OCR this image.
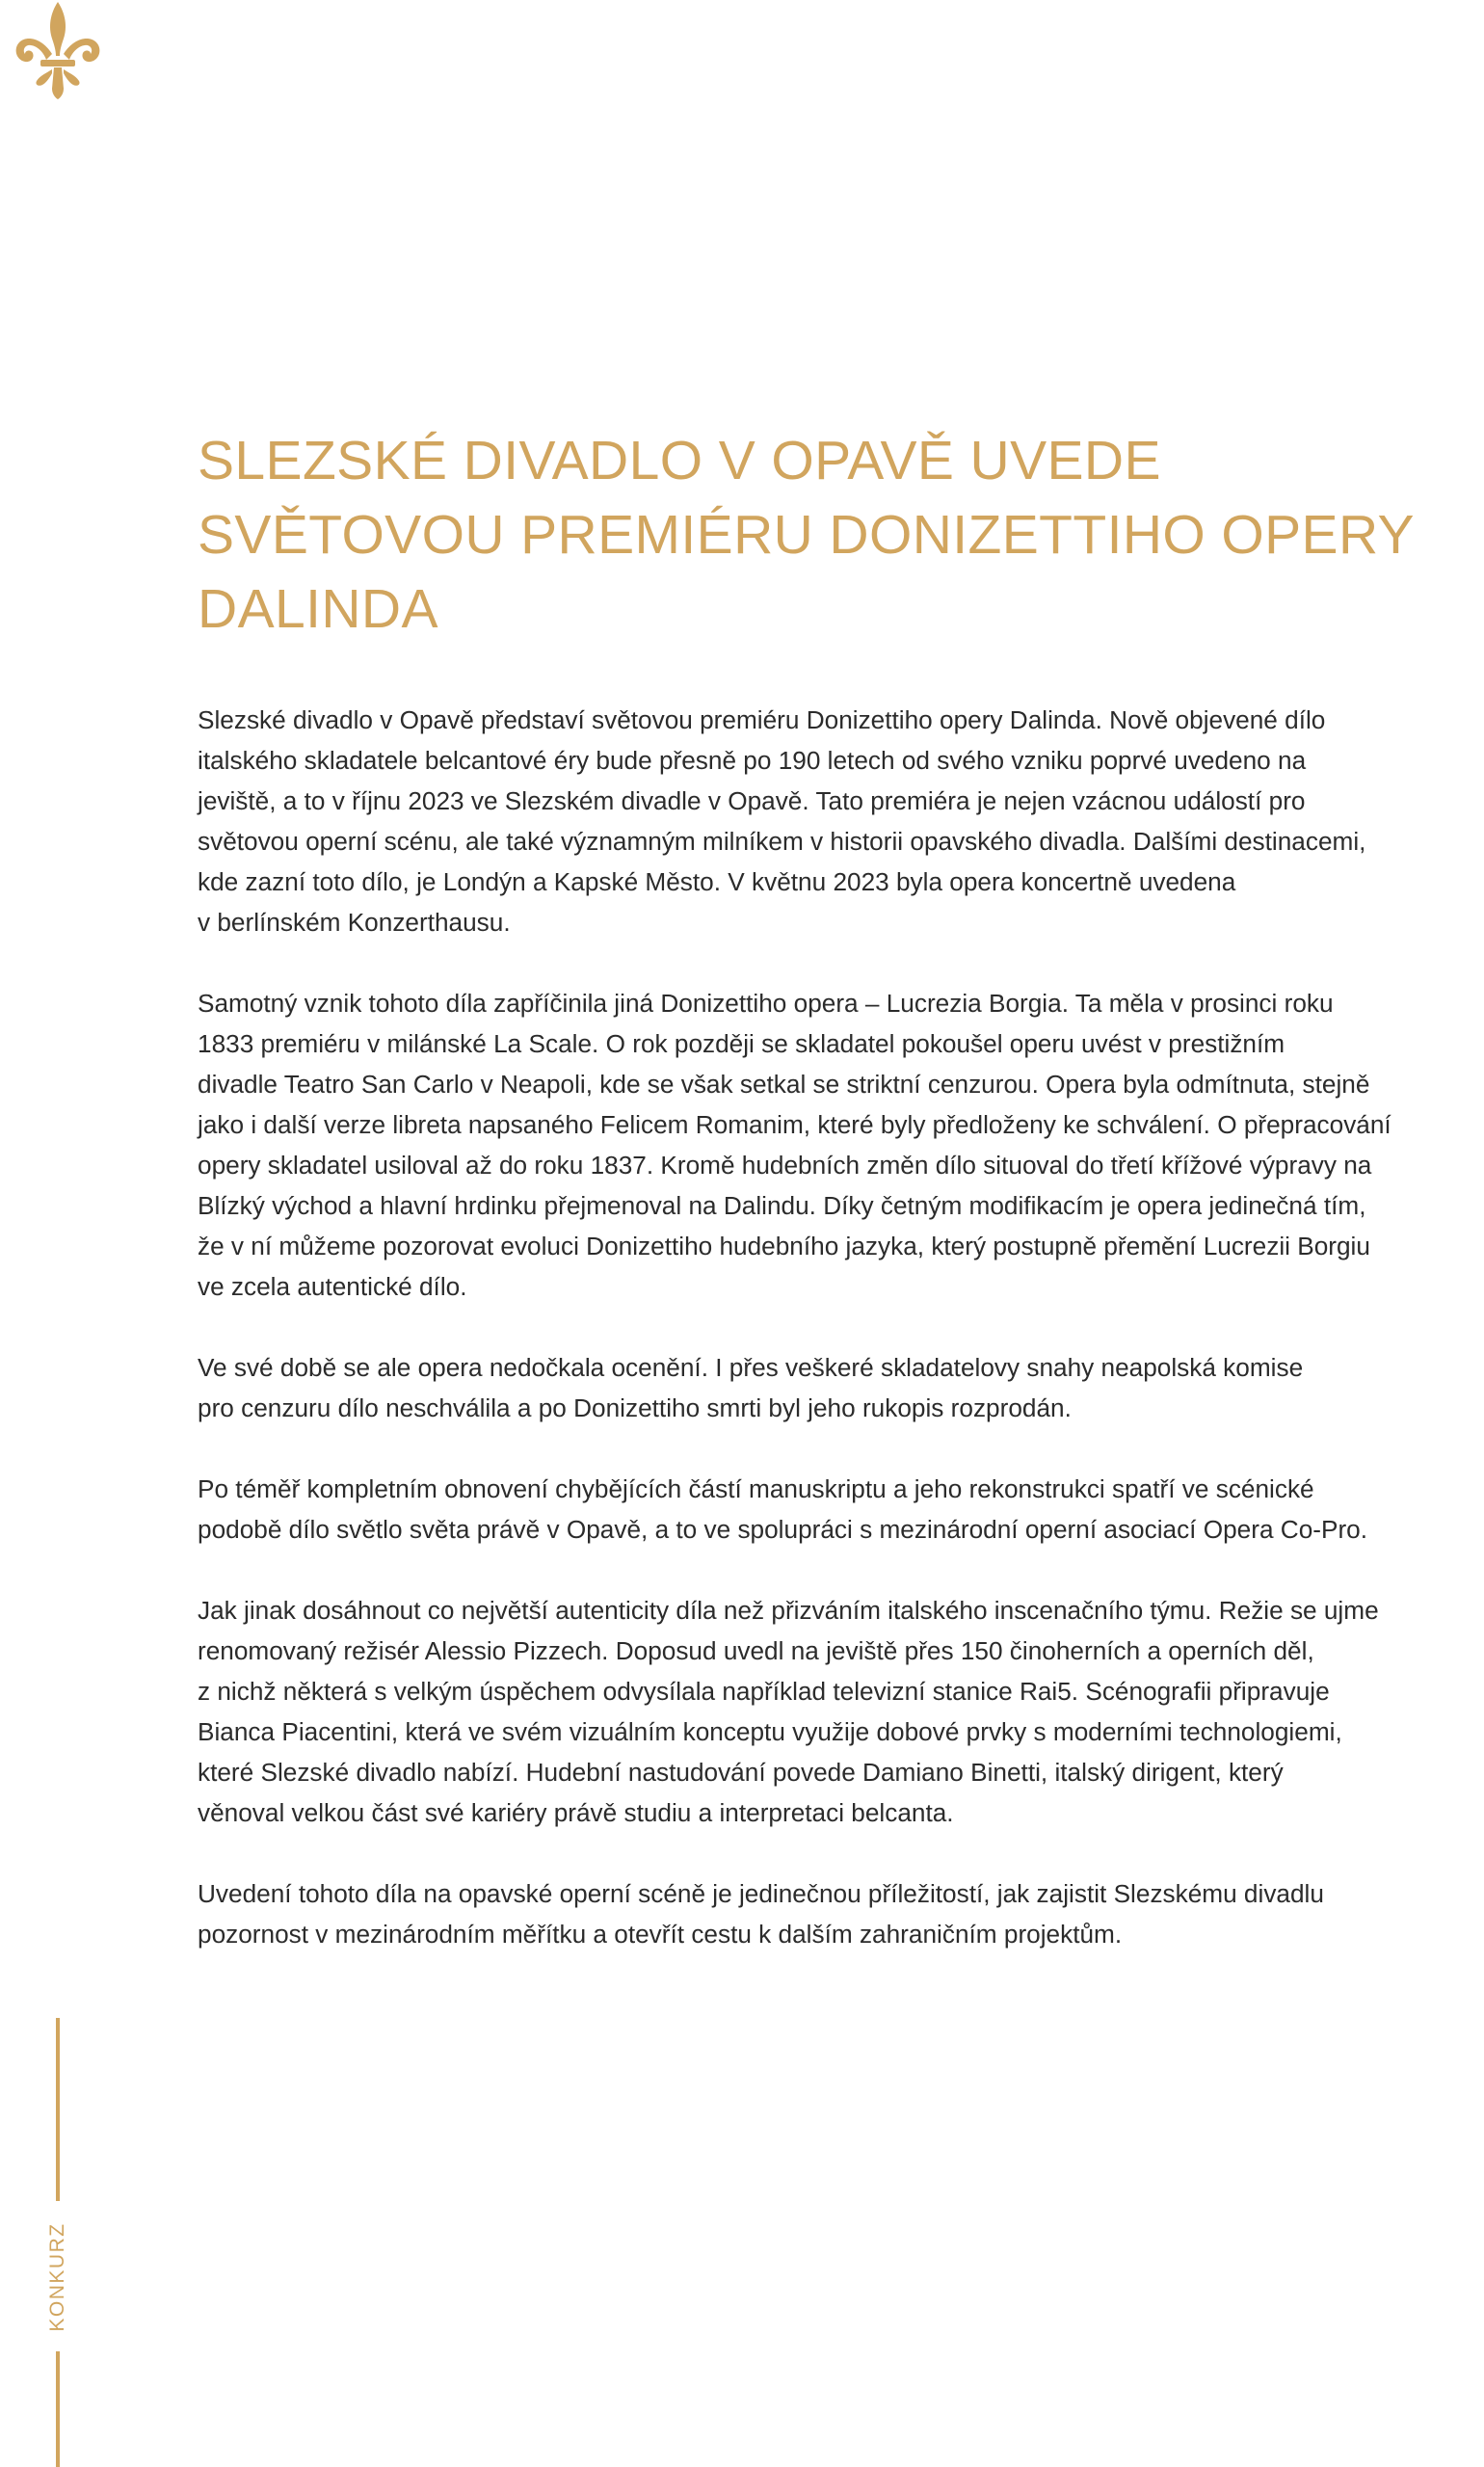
SLEZSKÉ DIVADLO V OPAVĚ UVEDE
SVĚTOVOU PREMIÉRU DONIZETTIHO OPERY
DALINDA

Slezské divadlo v Opavě představí světovou premiéru Donizettiho opery Dalinda. Nově objevené dílo
italského skladatele belcantové éry bude přesně po 190 letech od svého vzniku poprvé uvedeno na
jeviště, a to v říjnu 2023 ve Slezském divadle v Opavě. Tato premiéra je nejen vzácnou událostí pro
světovou operní scénu, ale také významným milníkem v historii opavského divadla. Dalšími destinacemi,
kde zazní toto dílo, je Londýn a Kapské Město. V květnu 2023 byla opera koncertně uvedena
v berlínském Konzerthausu.

Samotný vznik tohoto díla zapříčinila jiná Donizettiho opera – Lucrezia Borgia. Ta měla v prosinci roku
1833 premiéru v milánské La Scale. O rok později se skladatel pokoušel operu uvést v prestižním
divadle Teatro San Carlo v Neapoli, kde se však setkal se striktní cenzurou. Opera byla odmítnuta, stejně
jako i další verze libreta napsaného Felicem Romanim, které byly předloženy ke schválení. O přepracování
opery skladatel usiloval až do roku 1837. Kromě hudebních změn dílo situoval do třetí křížové výpravy na
Blízký východ a hlavní hrdinku přejmenoval na Dalindu. Díky četným modifikacím je opera jedinečná tím,
že v ní můžeme pozorovat evoluci Donizettiho hudebního jazyka, který postupně přemění Lucrezii Borgiu
ve zcela autentické dílo.

Ve své době se ale opera nedočkala ocenění. I přes veškeré skladatelovy snahy neapolská komise
pro cenzuru dílo neschválila a po Donizettiho smrti byl jeho rukopis rozprodán.

Po téměř kompletním obnovení chybějících částí manuskriptu a jeho rekonstrukci spatří ve scénické
podobě dílo světlo světa právě v Opavě, a to ve spolupráci s mezinárodní operní asociací Opera Co-Pro.

Jak jinak dosáhnout co největší autenticity díla než přizváním italského inscenačního týmu. Režie se ujme
renomovaný režisér Alessio Pizzech. Doposud uvedl na jeviště přes 150 činoherních a operních děl,
z nichž některá s velkým úspěchem odvysílala například televizní stanice Rai5. Scénografii připravuje
Bianca Piacentini, která ve svém vizuálním konceptu využije dobové prvky s moderními technologiemi,
které Slezské divadlo nabízí. Hudební nastudování povede Damiano Binetti, italský dirigent, který
věnoval velkou část své kariéry právě studiu a interpretaci belcanta.

Uvedení tohoto díla na opavské operní scéně je jedinečnou příležitostí, jak zajistit Slezskému divadlu
pozornost v mezinárodním měřítku a otevřít cestu k dalším zahraničním projektům.

KONKURZ
